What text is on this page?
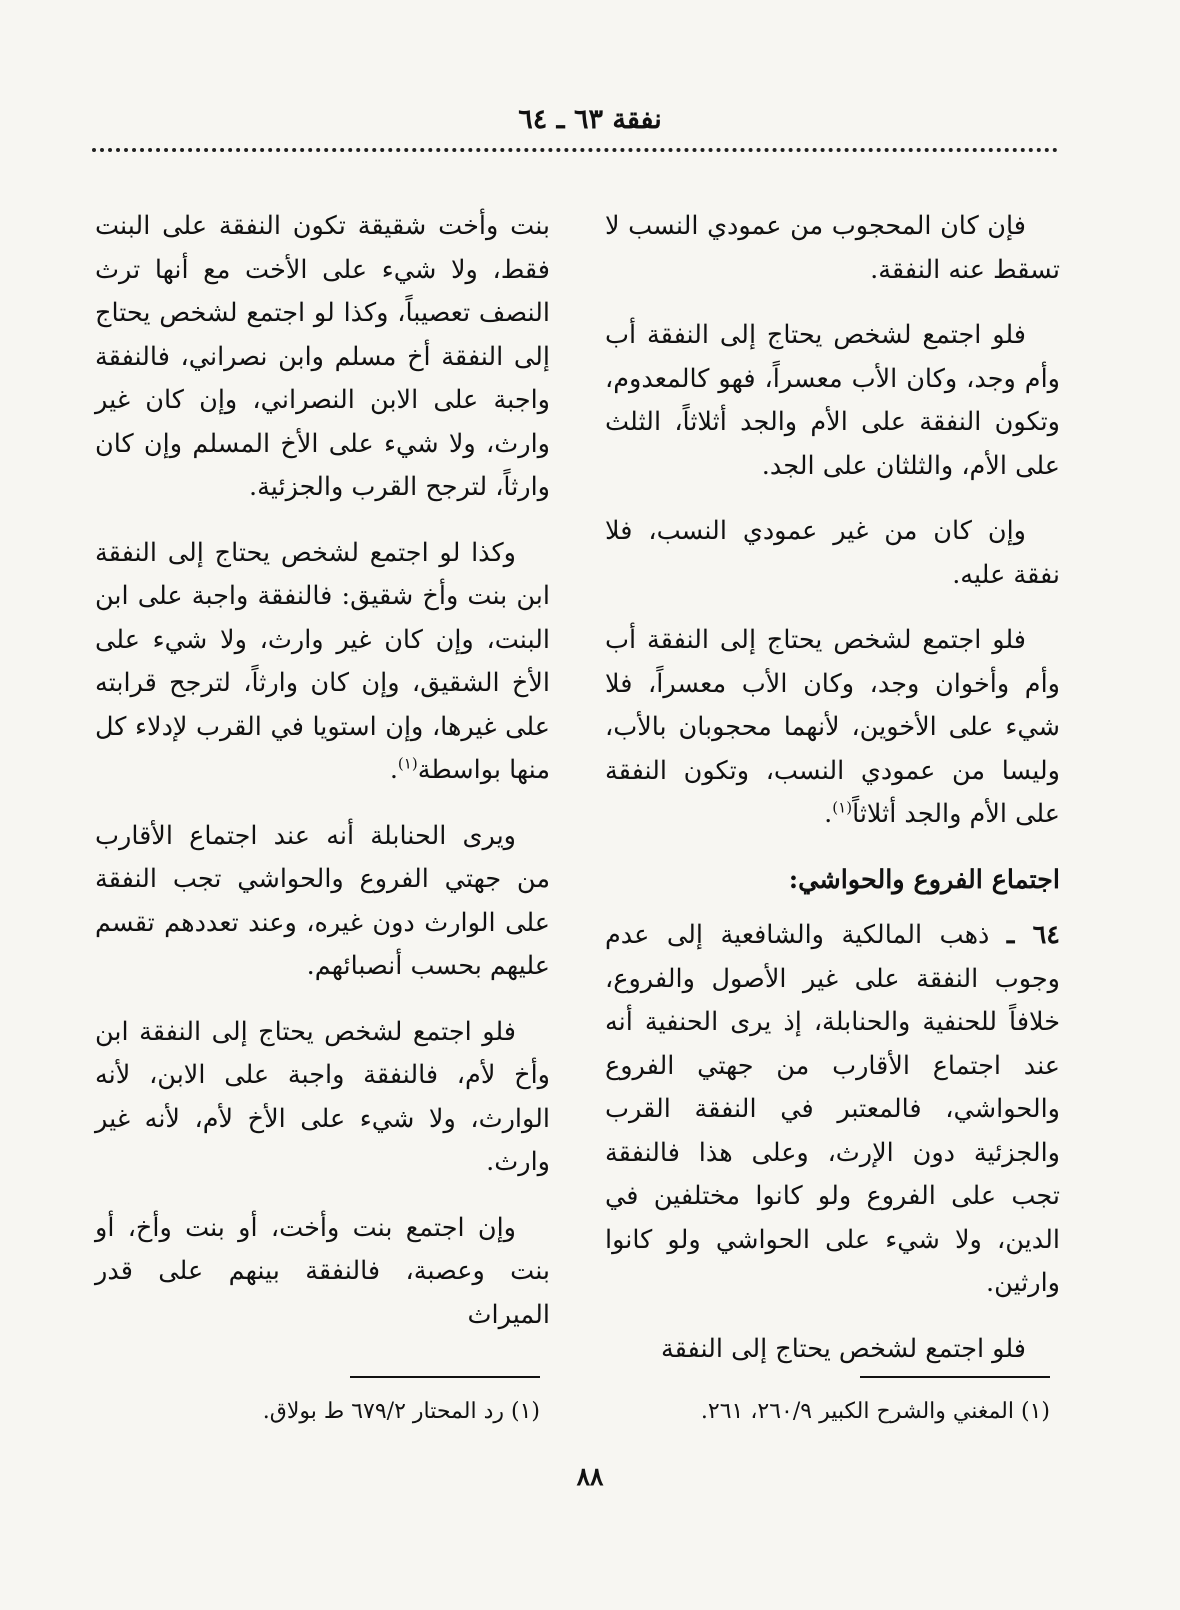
نفقة ٦٣ ـ ٦٤

فإن كان المحجوب من عمودي النسب لا تسقط عنه النفقة.

فلو اجتمع لشخص يحتاج إلى النفقة أب وأم وجد، وكان الأب معسراً، فهو كالمعدوم، وتكون النفقة على الأم والجد أثلاثاً، الثلث على الأم، والثلثان على الجد.

وإن كان من غير عمودي النسب، فلا نفقة عليه.

فلو اجتمع لشخص يحتاج إلى النفقة أب وأم وأخوان وجد، وكان الأب معسراً، فلا شيء على الأخوين، لأنهما محجوبان بالأب، وليسا من عمودي النسب، وتكون النفقة على الأم والجد أثلاثاً$^{(١)}$.

اجتماع الفروع والحواشي:

٦٤ ـ ذهب المالكية والشافعية إلى عدم وجوب النفقة على غير الأصول والفروع، خلافاً للحنفية والحنابلة، إذ يرى الحنفية أنه عند اجتماع الأقارب من جهتي الفروع والحواشي، فالمعتبر في النفقة القرب والجزئية دون الإرث، وعلى هذا فالنفقة تجب على الفروع ولو كانوا مختلفين في الدين، ولا شيء على الحواشي ولو كانوا وارثين.

فلو اجتمع لشخص يحتاج إلى النفقة

بنت وأخت شقيقة تكون النفقة على البنت فقط، ولا شيء على الأخت مع أنها ترث النصف تعصيباً، وكذا لو اجتمع لشخص يحتاج إلى النفقة أخ مسلم وابن نصراني، فالنفقة واجبة على الابن النصراني، وإن كان غير وارث، ولا شيء على الأخ المسلم وإن كان وارثاً، لترجح القرب والجزئية.

وكذا لو اجتمع لشخص يحتاج إلى النفقة ابن بنت وأخ شقيق: فالنفقة واجبة على ابن البنت، وإن كان غير وارث، ولا شيء على الأخ الشقيق، وإن كان وارثاً، لترجح قرابته على غيرها، وإن استويا في القرب لإدلاء كل منها بواسطة$^{(١)}$.

ويرى الحنابلة أنه عند اجتماع الأقارب من جهتي الفروع والحواشي تجب النفقة على الوارث دون غيره، وعند تعددهم تقسم عليهم بحسب أنصبائهم.

فلو اجتمع لشخص يحتاج إلى النفقة ابن وأخ لأم، فالنفقة واجبة على الابن، لأنه الوارث، ولا شيء على الأخ لأم، لأنه غير وارث.

وإن اجتمع بنت وأخت، أو بنت وأخ، أو بنت وعصبة، فالنفقة بينهم على قدر الميراث

(١) المغني والشرح الكبير ٢٦٠/٩، ٢٦١.
(١) رد المحتار ٦٧٩/٢ ط بولاق.
٨٨
